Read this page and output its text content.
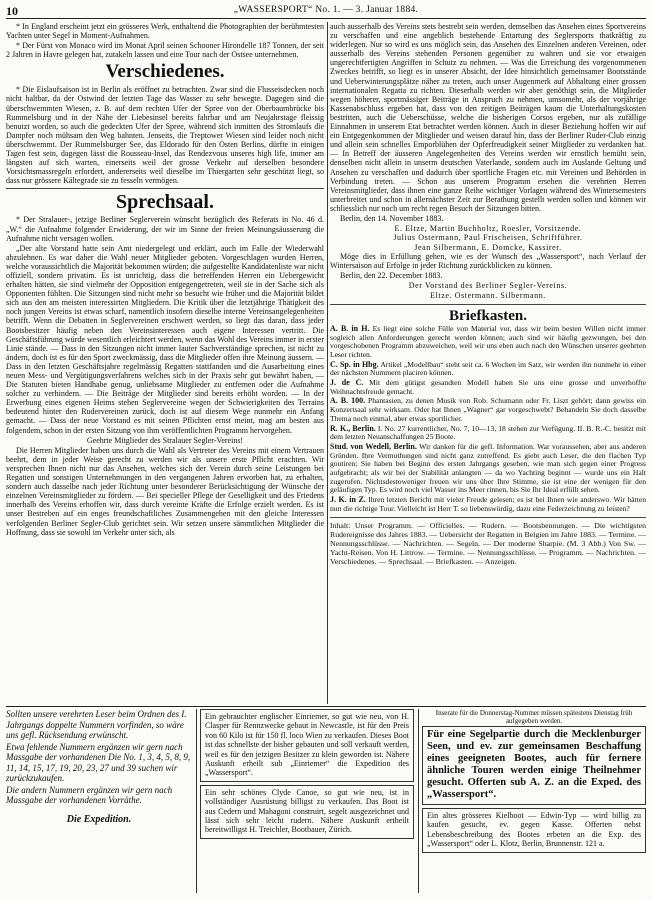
10	„WASSERSPORT“ No. 1. — 3. Januar 1884.

* In England erscheint jetzt ein grösseres Werk, enthaltend die Photographien der berühmtesten Yachten unter Segel in Moment-Aufnahmen.

* Der Fürst von Monaco wird im Monat April seinen Schooner Hirondelle 187 Tonnen, der seit 2 Jahren in Havre gelegen hat, zutakeln lassen und eine Tour nach der Ostsee unternehmen.

Verschiedenes.

* Die Eislaufsaison ist in Berlin als eröffnet zu betrachten. Zwar sind die Flusseisdecken noch nicht haltbar, da der Ostwind der letzten Tage das Wasser zu sehr bewegte. Dagegen sind die überschwemmten Wiesen, z. B. auf dem rechten Ufer der Spree von der Oberbaumbrücke bis Rummelsburg und in der Nähe der Liebesinsel bereits fahrbar und am Neujahrstage fleissig benutzt worden, so auch die gedeckten Ufer der Spree, während sich inmitten des Stromlaufs die Dampfer noch mühsam den Weg bahnten. Jenseits, die Treptower Wiesen sind leider noch nicht überschwemmt. Der Rummelsburger See, das Eldorado für den Osten Berlins, dürfte in einigen Tagen fest sein, dagegen lässt die Rousseau-Insel, das Rendezvous unseres high life, immer am längsten auf sich warten, einerseits weil der grosse Verkehr auf derselben besondere Vorsichtsmassregeln erfordert, andererseits weil dieselbe im Thiergarten sehr geschützt liegt, so dass nur grössere Kältegrade sie zu fesseln vermögen.

Sprechsaal.

* Der Stralauer-, jetzige Berliner Seglerverein wünscht bezüglich des Referats in No. 46 d. „W.“ die Aufnahme folgender Erwiderung, der wir im Sinne der freien Meinungsäusserung die Aufnahme nicht versagen wollen.

„Der alte Vorstand hatte sein Amt niedergelegt und erklärt, auch im Falle der Wiederwahl abzulehnen. Es war daher die Wahl neuer Mitglieder geboten. Vorgeschlagen wurden Herren, welche voraussichtlich die Majorität bekommen würden; die aufgestellte Kandidatenliste war nicht offiziell, sondern privatim. Es ist unrichtig, dass die betreffenden Herren ein Uebergewicht erhalten hätten, sie sind vielmehr der Opposition entgegengetreten, weil sie in der Sache sich als Opponenten fühlten. Die Sitzungen sind nicht mehr so besucht wie früher und die Majorität bildet sich aus den am meisten interessirten Mitgliedern. Die Kritik über die letztjährige Thätigkeit des noch jungen Vereins ist etwas scharf, namentlich insofern dieselbe interne Vereinsangelegenheiten betrifft. Wenn die Debatten in Seglervereinen erschwert werden, so liegt das daran, dass jeder Bootsbesitzer häufig neben den Vereinsinteressen auch eigene Interessen vertritt. Die Geschäftsführung würde wesentlich erleichtert werden, wenn das Wohl des Vereins immer in erster Linie stände. — Dass in den Sitzungen nicht immer lauter Sachverständige sprechen, ist nicht zu ändern, doch ist es für den Sport zweckmässig, dass die Mitglieder offen ihre Meinung äussern. — Dass in den letzten Geschäftsjahre regelmässig Regatten stattfanden und die Ausarbeitung eines neuen Mess- und Vergütigungsverfahrens welches sich in der Praxis sehr gut bewährt haben, — Die Statuten bieten Handhabe genug, unliebsame Mitglieder zu entfernen oder die Aufnahme solcher zu verhindern. — Die Beiträge der Mitglieder sind bereits erhöht worden. — In der Erwerbung eines eigenen Heims stehen Seglervereine wegen der Schwierigkeiten des Terrains bedeutend hinter den Rudervereinen zurück, doch ist auf diesem Wege nunmehr ein Anfang gemacht. — Dass der neue Vorstand es mit seinen Pflichten ernst meint, mag am besten aus folgendem, schon in der ersten Sitzung von ihm veröffentlichten Programm hervorgehen.

Geehrte Mitglieder des Stralauer Segler-Vereins!

Die Herren Mitglieder haben uns durch die Wahl als Vertreter des Vereins mit einem Vertrauen beehrt, dem in jeder Weise gerecht zu werden wir als unsere erste Pflicht erachten. Wir versprechen Ihnen nicht nur das Ansehen, welches sich der Verein durch seine Leistungen bei Regatten und sonstigen Unternehmungen in den vergangenen Jahren erworben hat, zu erhalten, sondern auch dasselbe nach jeder Richtung unter besonderer Berücksichtigung der Wünsche der einzelnen Vereinsmitglieder zu fördern. — Bei specieller Pflege der Geselligkeit und des Friedens innerhalb des Vereins erhoffen wir, dass durch vereinte Kräfte die Erfolge erzielt werden. Es ist unser Bestreben auf ein enges freundschaftliches Zusammengehen mit den gleiche Interessen verfolgenden Berliner Segler-Club gerichtet sein. Wir setzen unsere sämmtlichen Mitglieder die Hoffnung, dass sie sowohl im Verkehr unter sich, als

auch ausserhalb des Vereins stets bestrebt sein werden, demselben das Ansehen eines Sportvereins zu verschaffen und eine angeblich bestehende Entartung des Seglersports thatkräftig zu widerlegen. Nur so wird es uns möglich sein, das Ansehen des Einzelnen anderen Vereinen, oder ausserhalb des Vereins stehenden Personen gegenüber zu wahren und sie vor etwaigen ungerechtfertigten Angriffen in Schutz zu nehmen. — Was die Erreichung des vorgenommenen Zweckes betrifft, so liegt es in unserer Absicht, der Idee hinsichtlich gemeinsamer Bootsstände und Ueberwinterungsplätze näher zu treten, auch unser Augenmerk auf Abhaltung einer grossen internationalen Regatta zu richten. Dieserhalb werden wir aber genöthigt sein, die Mitglieder wegen höherer, sportmässiger Beiträge in Anspruch zu nehmen, umsomehr, als der vorjährige Kassenabschluss ergeben hat, dass von den zeitigen Beiträgen kaum die Unterhaltungskosten bestritten, auch die Ueberschüsse, welche die bisherigen Corsos ergeben, nur als zufällige Einnahmen in unserem Etat betrachtet werden können. Auch in dieser Beziehung hoffen wir auf ein Entgegenkommen der Mitglieder und weisen darauf hin, dass der Berliner Ruder-Club einzig und allein sein schnelles Emporblühen der Opferfreudigkeit seiner Mitglieder zu verdanken hat. — In Betreff der äusseren Angelegenheiten des Vereins werden wir ernstlich bemüht sein, denselben nicht allein in unserm deutschen Vaterlande, sondern auch im Auslande Geltung und Ansehen zu verschaffen und dadurch über sportliche Fragen etc. mit Vereinen und Behörden in Verbindung treten. — Schon aus unserem Programm ersehen die verehrten Herren Vereinsmitglieder, dass ihnen eine ganze Reihe wichtiger Vorlagen während des Wintersemesters unterbreitet und schon in allernächster Zeit zur Berathung gestellt werden sollen und können wir schliesslich nur noch um recht regen Besuch der Sitzungen bitten.

Berlin, den 14. November 1883.

E. Eltze, Martin Buchholtz, Roesler, Vorsitzende.
Julius Ostermann, Paul Frischeisen, Schriftführer.
Jean Silbermann, E. Domcke, Kassirer.

Möge dies in Erfüllung gehen, wie es der Wunsch des „Wassersport“, nach Verlauf der Wintersaison auf Erfolge in jeder Richtung zurückblicken zu können.

Berlin, den 22. December 1883.

Der Vorstand des Berliner Segler-Vereins.
Eltze. Ostermann. Silbermann.
Briefkasten.
A. B. in H. Es liegt eine solche Fülle von Material vor, dass wir beim besten Willen nicht immer sogleich allen Anforderungen gerecht werden können; auch sind wir häufig gezwungen, bei den vorgeschobenen Programm abzuweichen, weil wir uns eben auch nach den Wünschen unserer geehrten Leser richten.
C. Sp. in Hbg. Artikel „Modellbau“ steht seit ca. 6 Wochen im Satz, wir werden ihn nunmehr in einer der nächsten Nummern placiren können.
J. de C. Mit dem gütigst gesandten Modell haben Sie uns eine grosse und unverhoffte Weihnachtsfreude gemacht.
A. B. 100. Phantasien, zu denen Musik von Rob. Schumann oder Fr. Liszt gehört; dann gewiss ein Konzertsaal sehr wirksam. Oder hat Ihnen „Wagner“ gar vorgeschwebt? Behandeln Sie doch dasselbe Thema noch einmal, aber etwas sportlicher.
R. K., Berlin. I. No. 27 kurrentlicher, No. 7, 10—13, 18 stehen zur Verfügung. II. B. R.-C. besitzt mit dem letzten Neuanschaffungen 25 Boote.
Stud. von Wedell, Berlin. Wir danken für die gefl. Information. War voraussehen, aber aus anderen Gründen. Ihre Vermuthungen sind nicht ganz zutreffend. Es giebt auch Leser, die den flachen Typ goutiren; Sie haben bei Beginn des ersten Jahrgangs gesehen, wie man sich gegen einer Progress aufgebracht; als wir bei der Stabilität anlangten — da wo Yachting beginnt — wurde uns ein Halt zugerufen. Nichtsdestoweniger freuen wir uns über Ihre Stimme, sie ist eine der wenigen für den geläufigen Typ. Es wird noch viel Wasser ins Meer rinnen, bis Sie Ihr Ideal erfüllt sehen.
J. K. in Z. Ihren letzten Bericht mit vieler Freude gelesen; es ist bei Ihnen wie anderswo. Wir hätten nun die richtige Tour. Vielleicht ist Herr T. so liebenswürdig, dazu eine Federzeichnung zu leisten?
Inhalt: Unser Programm. — Officielles. — Rudern. — Bootsbennungen. — Die wichtigsten Rudereignisse des Jahres 1883. — Uebersicht der Regatten in Belgien im Jahre 1883. — Termine. — Nennungsschlüsse. — Nachrichten. — Segeln. — Der moderne Sharpie. (M. 3 Abb.) Von Sw. — Yacht-Reisen. Von H. Littrow. — Termine. — Nennungsschlüsse. — Programm. — Nachrichten. — Verschiedenes. — Sprechsaal. — Briefkasten. — Anzeigen.

Sollten unsere verehrten Leser beim Ordnen des I. Jahrgangs doppelte Nummern vorfinden, so wäre uns gefl. Rücksendung erwünscht.

Etwa fehlende Nummern ergänzen wir gern nach Massgabe der vorhandenen Die No. 1, 3, 4, 5, 8, 9, 11, 14, 15, 17, 19, 20, 23, 27 und 39 suchen wir zurückzukaufen.

Die andern Nummern ergänzen wir gern nach Massgabe der vorhandenen Vorräthe.

Die Expedition.

Ein gebrauchter englischer Einriemer, so gut wie neu, von H. Clasper für Rennzwecke gebaut in Newcastle, ist für den Preis von 60 Kilo ist für 150 fl. loco Wien zu verkaufen. Dieses Boot ist das schnellste der bisher gebauten und soll verkauft werden, weil es für den jetzigen Besitzer zu klein geworden ist. Nähere Auskunft erheilt sub „Einriemer“ die Expedition des „Wassersport“.

Ein sehr schönes Clyde Canoe, so gut wie neu, ist in vollständiger Ausrüstung billigst zu verkaufen. Das Boot ist aus Cedern und Mahagoni construirt, segelt ausgezeichnet und lässt sich sehr leicht rudern. Nähere Auskunft ertheilt bereitwilligst H. Treichler, Bootbauer, Zürich.

Inserate für die Donnerstag-Nummer müssen spätestens Dienstag früh aufgegeben werden.

Für eine Segelpartie durch die Mecklenburger Seen, und ev. zur gemeinsamen Beschaffung eines geeigneten Bootes, auch für fernere ähnliche Touren werden einige Theilnehmer gesucht. Offerten sub A. Z. an die Exped. des „Wassersport“.

Ein altes grösseres Kielboot — Edwin-Typ — wird billig zu kaufen gesucht, ev. gegen Kasse. Offerten nebst Lebensbeschreibung des Bootes erbeten an die Exp. des „Wassersport“ oder L. Klotz, Berlin, Brunnenstr. 121 a.
